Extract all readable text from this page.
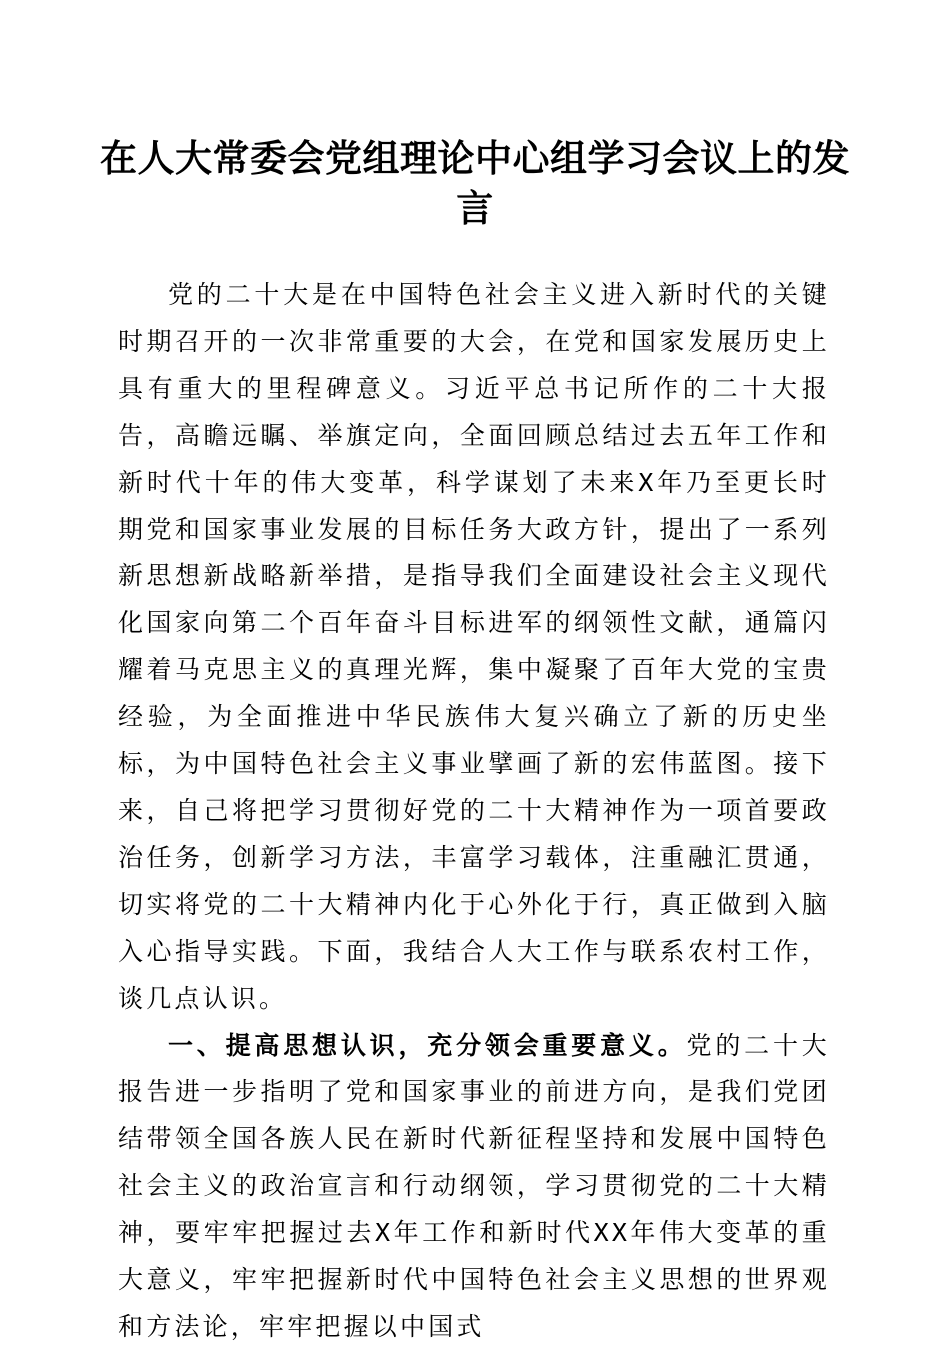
在人大常委会党组理论中心组学习会议上的发言

党的二十大是在中国特色社会主义进入新时代的关键时期召开的一次非常重要的大会，在党和国家发展历史上具有重大的里程碑意义。习近平总书记所作的二十大报告，高瞻远瞩、举旗定向，全面回顾总结过去五年工作和新时代十年的伟大变革，科学谋划了未来X年乃至更长时期党和国家事业发展的目标任务大政方针，提出了一系列新思想新战略新举措，是指导我们全面建设社会主义现代化国家向第二个百年奋斗目标进军的纲领性文献，通篇闪耀着马克思主义的真理光辉，集中凝聚了百年大党的宝贵经验，为全面推进中华民族伟大复兴确立了新的历史坐标，为中国特色社会主义事业擘画了新的宏伟蓝图。接下来，自己将把学习贯彻好党的二十大精神作为一项首要政治任务，创新学习方法，丰富学习载体，注重融汇贯通，切实将党的二十大精神内化于心外化于行，真正做到入脑入心指导实践。下面，我结合人大工作与联系农村工作，谈几点认识。

一、提高思想认识，充分领会重要意义。党的二十大报告进一步指明了党和国家事业的前进方向，是我们党团结带领全国各族人民在新时代新征程坚持和发展中国特色社会主义的政治宣言和行动纲领，学习贯彻党的二十大精神，要牢牢把握过去X年工作和新时代XX年伟大变革的重大意义，牢牢把握新时代中国特色社会主义思想的世界观和方法论，牢牢把握以中国式
